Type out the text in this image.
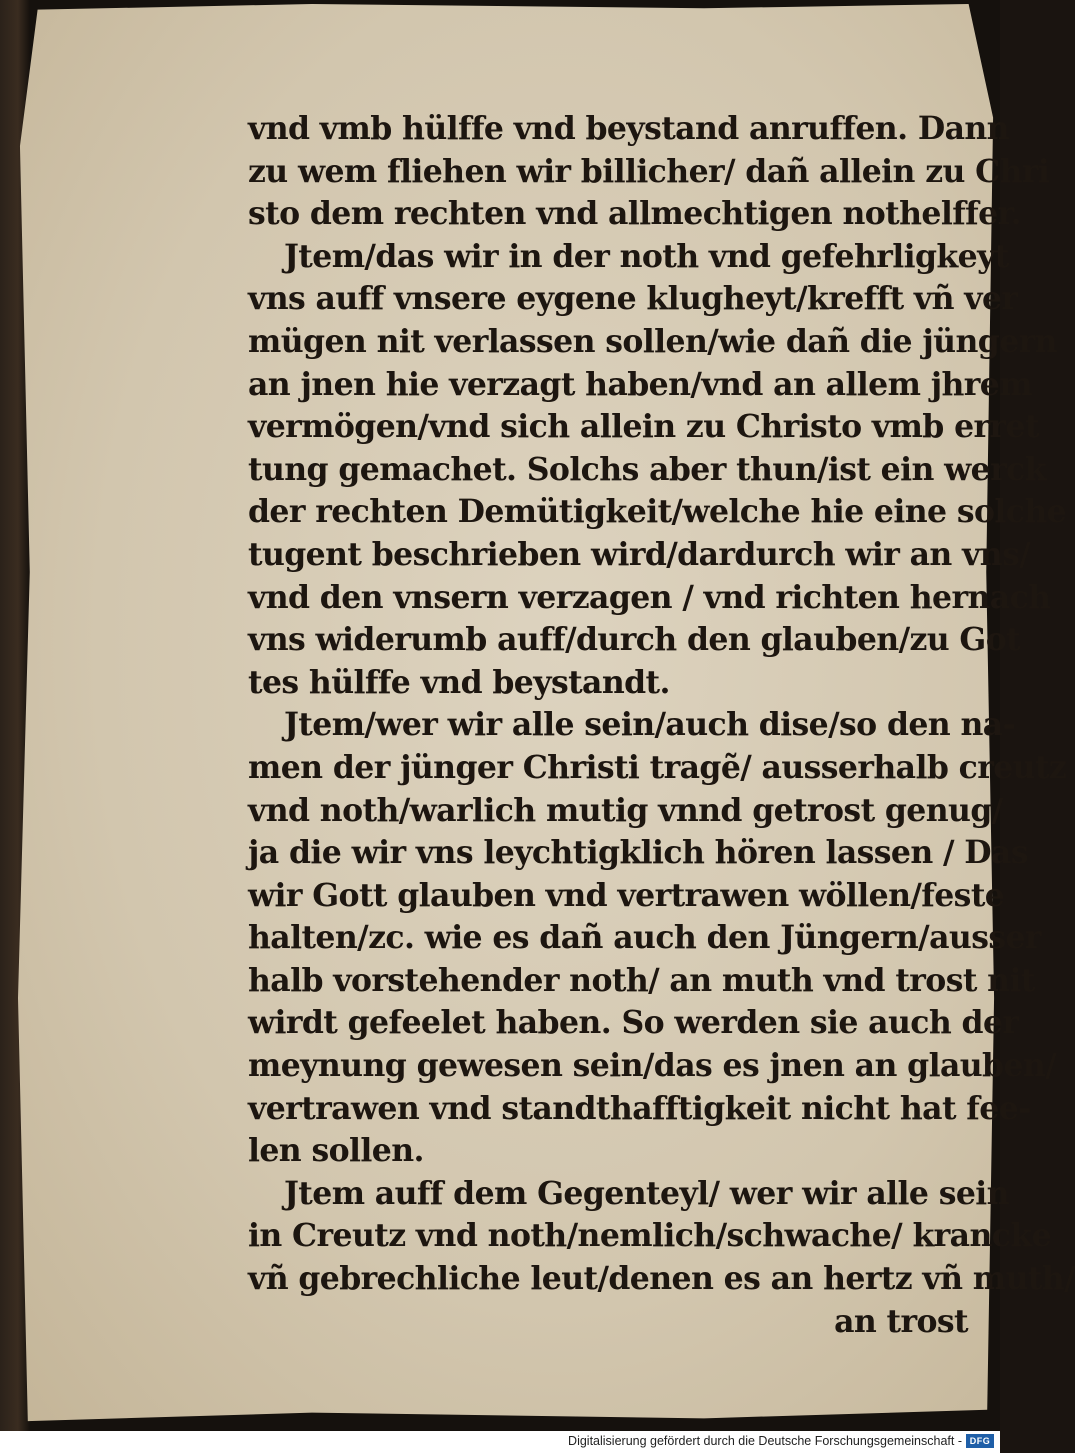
vnd vmb hülffe vnd beystand anruffen. Dann
zu wem fliehen wir billicher/ dañ allein zu Chri
sto dem rechten vnd allmechtigen nothelffer.
Jtem/das wir in der noth vnd gefehrligkeyt
vns auff vnsere eygene klugheyt/krefft vñ ver
mügen nit verlassen sollen/wie dañ die jüngern
an jnen hie verzagt haben/vnd an allem jhrem
vermögen/vnd sich allein zu Christo vmb erret
tung gemachet. Solchs aber thun/ist ein werck
der rechten Demütigkeit/welche hie eine solche
tugent beschrieben wird/dardurch wir an vns/
vnd den vnsern verzagen / vnd richten hernach
vns widerumb auff/durch den glauben/zu Got
tes hülffe vnd beystandt.
Jtem/wer wir alle sein/auch dise/so den na-
men der jünger Christi tragẽ/ ausserhalb creutz
vnd noth/warlich mutig vnnd getrost genug/
ja die wir vns leychtigklich hören lassen / Das
wir Gott glauben vnd vertrawen wöllen/feste
halten/zc. wie es dañ auch den Jüngern/ausser
halb vorstehender noth/ an muth vnd trost nit
wirdt gefeelet haben. So werden sie auch der
meynung gewesen sein/das es jnen an glauben/
vertrawen vnd standthafftigkeit nicht hat fee-
len sollen.
Jtem auff dem Gegenteyl/ wer wir alle sein
in Creutz vnd noth/nemlich/schwache/ krancke
vñ gebrechliche leut/denen es an hertz vñ muth/
an trost
Digitalisierung gefördert durch die Deutsche Forschungsgemeinschaft - DFG
